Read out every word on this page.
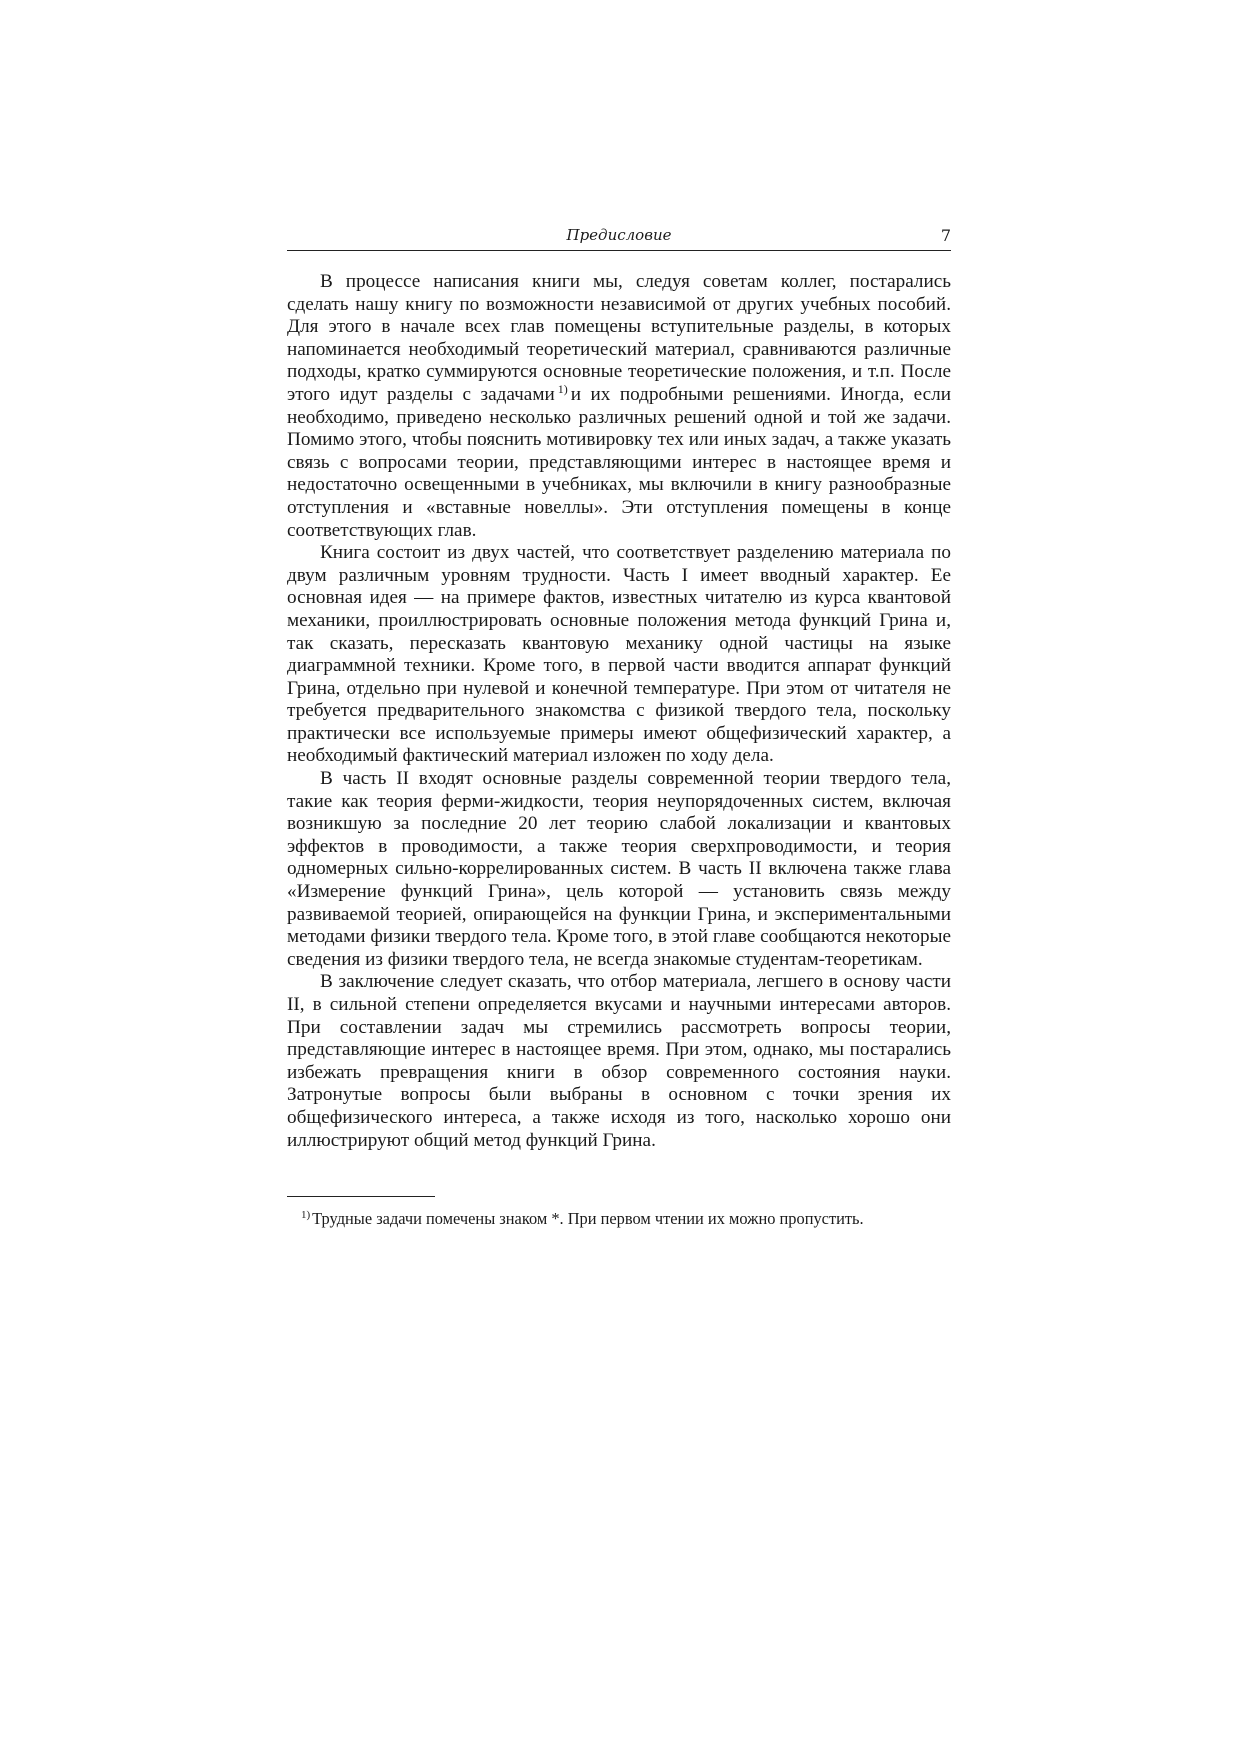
Предисловие	7

В процессе написания книги мы, следуя советам коллег, постарались сделать нашу книгу по возможности независимой от других учебных пособий. Для этого в начале всех глав помещены вступительные разделы, в которых напоминается необходимый теоретический материал, сравниваются различные подходы, кратко суммируются основные теоретические положения, и т.п. После этого идут разделы с задачами $^{1)}$ и их подробными решениями. Иногда, если необходимо, приведено несколько различных решений одной и той же задачи. Помимо этого, чтобы пояснить мотивировку тех или иных задач, а также указать связь с вопросами теории, представляющими интерес в настоящее время и недостаточно освещенными в учебниках, мы включили в книгу разнообразные отступления и «вставные новеллы». Эти отступления помещены в конце соответствующих глав.

Книга состоит из двух частей, что соответствует разделению материала по двум различным уровням трудности. Часть I имеет вводный характер. Ее основная идея — на примере фактов, известных читателю из курса квантовой механики, проиллюстрировать основные положения метода функций Грина и, так сказать, пересказать квантовую механику одной частицы на языке диаграммной техники. Кроме того, в первой части вводится аппарат функций Грина, отдельно при нулевой и конечной температуре. При этом от читателя не требуется предварительного знакомства с физикой твердого тела, поскольку практически все используемые примеры имеют общефизический характер, а необходимый фактический материал изложен по ходу дела.

В часть II входят основные разделы современной теории твердого тела, такие как теория ферми-жидкости, теория неупорядоченных систем, включая возникшую за последние 20 лет теорию слабой локализации и квантовых эффектов в проводимости, а также теория сверхпроводимости, и теория одномерных сильно-коррелированных систем. В часть II включена также глава «Измерение функций Грина», цель которой — установить связь между развиваемой теорией, опирающейся на функции Грина, и экспериментальными методами физики твердого тела. Кроме того, в этой главе сообщаются некоторые сведения из физики твердого тела, не всегда знакомые студентам-теоретикам.

В заключение следует сказать, что отбор материала, легшего в основу части II, в сильной степени определяется вкусами и научными интересами авторов. При составлении задач мы стремились рассмотреть вопросы теории, представляющие интерес в настоящее время. При этом, однако, мы постарались избежать превращения книги в обзор современного состояния науки. Затронутые вопросы были выбраны в основном с точки зрения их общефизического интереса, а также исходя из того, насколько хорошо они иллюстрируют общий метод функций Грина.

$^{1)}$ Трудные задачи помечены знаком *. При первом чтении их можно пропустить.
